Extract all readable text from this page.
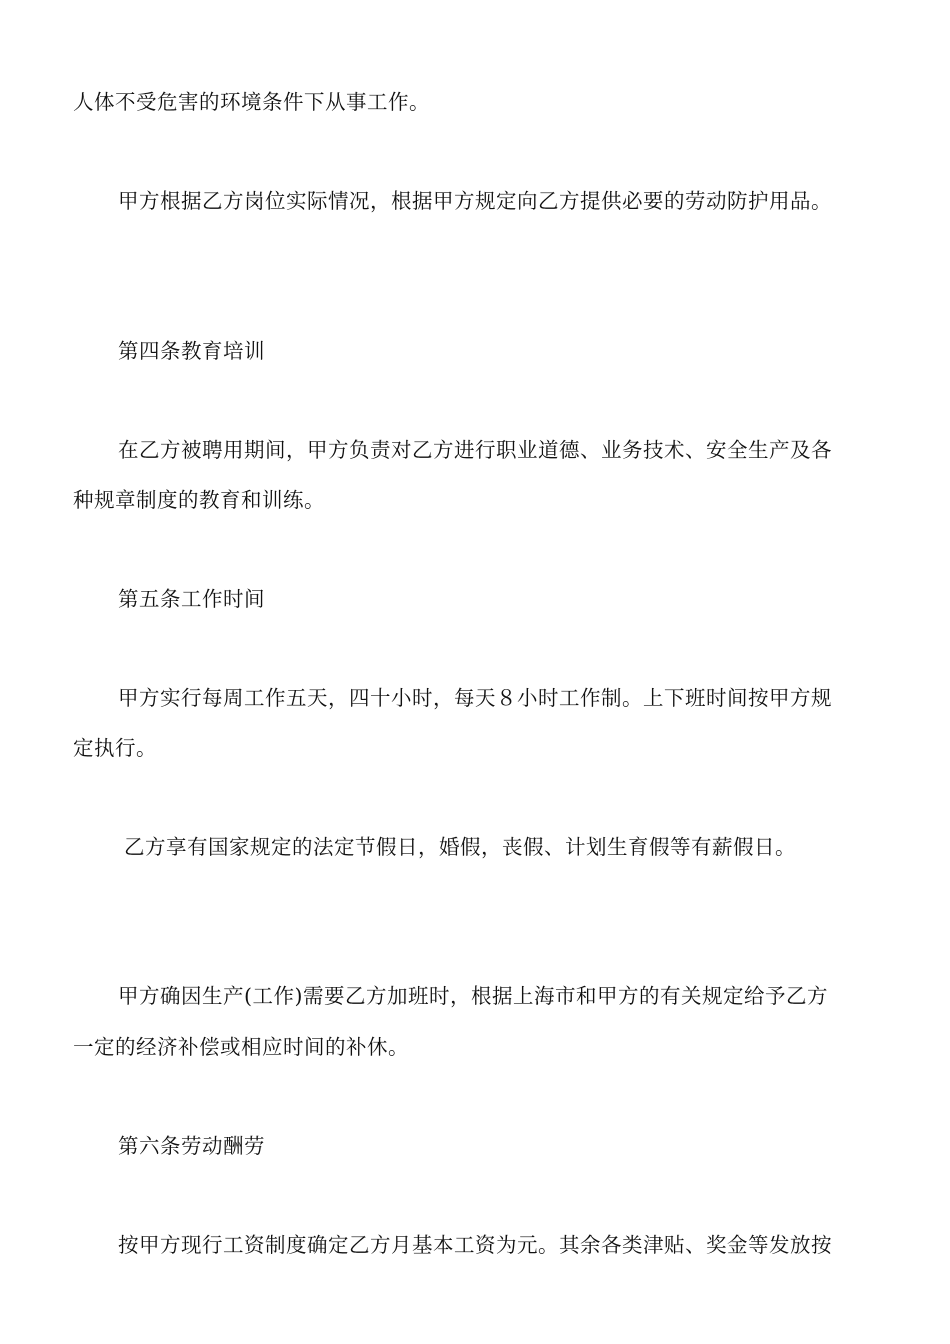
人体不受危害的环境条件下从事工作。
甲方根据乙方岗位实际情况，根据甲方规定向乙方提供必要的劳动防护用品。
第四条教育培训
在乙方被聘用期间，甲方负责对乙方进行职业道德、业务技术、安全生产及各
种规章制度的教育和训练。
第五条工作时间
甲方实行每周工作五天，四十小时，每天８小时工作制。上下班时间按甲方规
定执行。
乙方享有国家规定的法定节假日，婚假，丧假、计划生育假等有薪假日。
甲方确因生产(工作)需要乙方加班时，根据上海市和甲方的有关规定给予乙方
一定的经济补偿或相应时间的补休。
第六条劳动酬劳
按甲方现行工资制度确定乙方月基本工资为元。其余各类津贴、奖金等发放按
